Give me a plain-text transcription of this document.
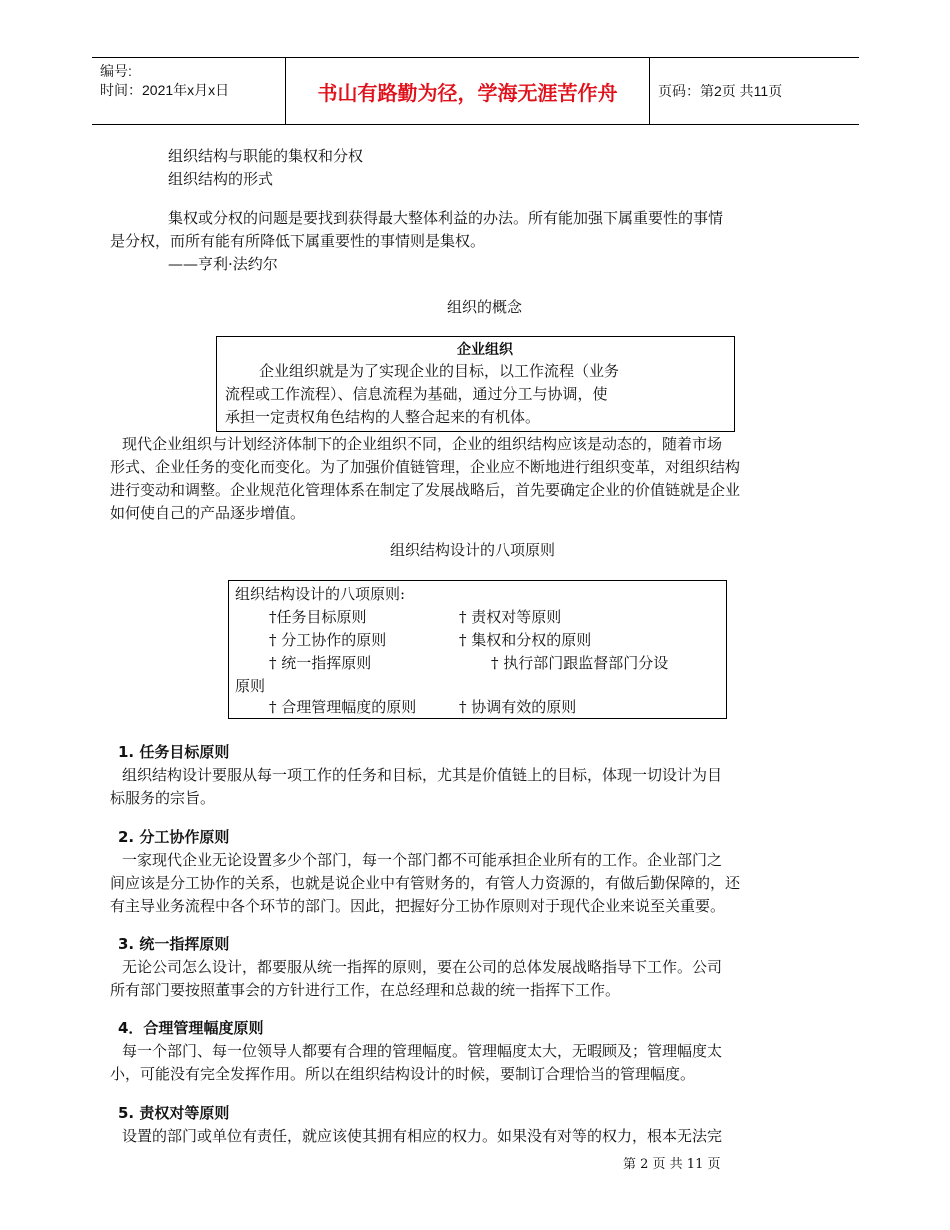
编号:
时间：2021年x月x日	书山有路勤为径，学海无涯苦作舟	页码：第2页 共11页
组织结构与职能的集权和分权
组织结构的形式
集权或分权的问题是要找到获得最大整体利益的办法。所有能加强下属重要性的事情
是分权，而所有能有所降低下属重要性的事情则是集权。
——亨利·法约尔
组织的概念
企业组织
企业组织就是为了实现企业的目标，以工作流程（业务
流程或工作流程）、信息流程为基础，通过分工与协调，使
承担一定责权角色结构的人整合起来的有机体。
现代企业组织与计划经济体制下的企业组织不同，企业的组织结构应该是动态的，随着市场
形式、企业任务的变化而变化。为了加强价值链管理，企业应不断地进行组织变革，对组织结构
进行变动和调整。企业规范化管理体系在制定了发展战略后，首先要确定企业的价值链就是企业
如何使自己的产品逐步增值。
组织结构设计的八项原则
组织结构设计的八项原则:
†任务目标原则	† 责权对等原则
† 分工协作的原则	† 集权和分权的原则
† 统一指挥原则	† 执行部门跟监督部门分设
原则
† 合理管理幅度的原则	† 协调有效的原则
1. 任务目标原则
组织结构设计要服从每一项工作的任务和目标，尤其是价值链上的目标，体现一切设计为目
标服务的宗旨。
2. 分工协作原则
一家现代企业无论设置多少个部门，每一个部门都不可能承担企业所有的工作。企业部门之
间应该是分工协作的关系，也就是说企业中有管财务的，有管人力资源的，有做后勤保障的，还
有主导业务流程中各个环节的部门。因此，把握好分工协作原则对于现代企业来说至关重要。
3. 统一指挥原则
无论公司怎么设计，都要服从统一指挥的原则，要在公司的总体发展战略指导下工作。公司
所有部门要按照董事会的方针进行工作，在总经理和总裁的统一指挥下工作。
4．合理管理幅度原则
每一个部门、每一位领导人都要有合理的管理幅度。管理幅度太大，无暇顾及；管理幅度太
小，可能没有完全发挥作用。所以在组织结构设计的时候，要制订合理恰当的管理幅度。
5. 责权对等原则
设置的部门或单位有责任，就应该使其拥有相应的权力。如果没有对等的权力，根本无法完
第 2 页 共 11 页
